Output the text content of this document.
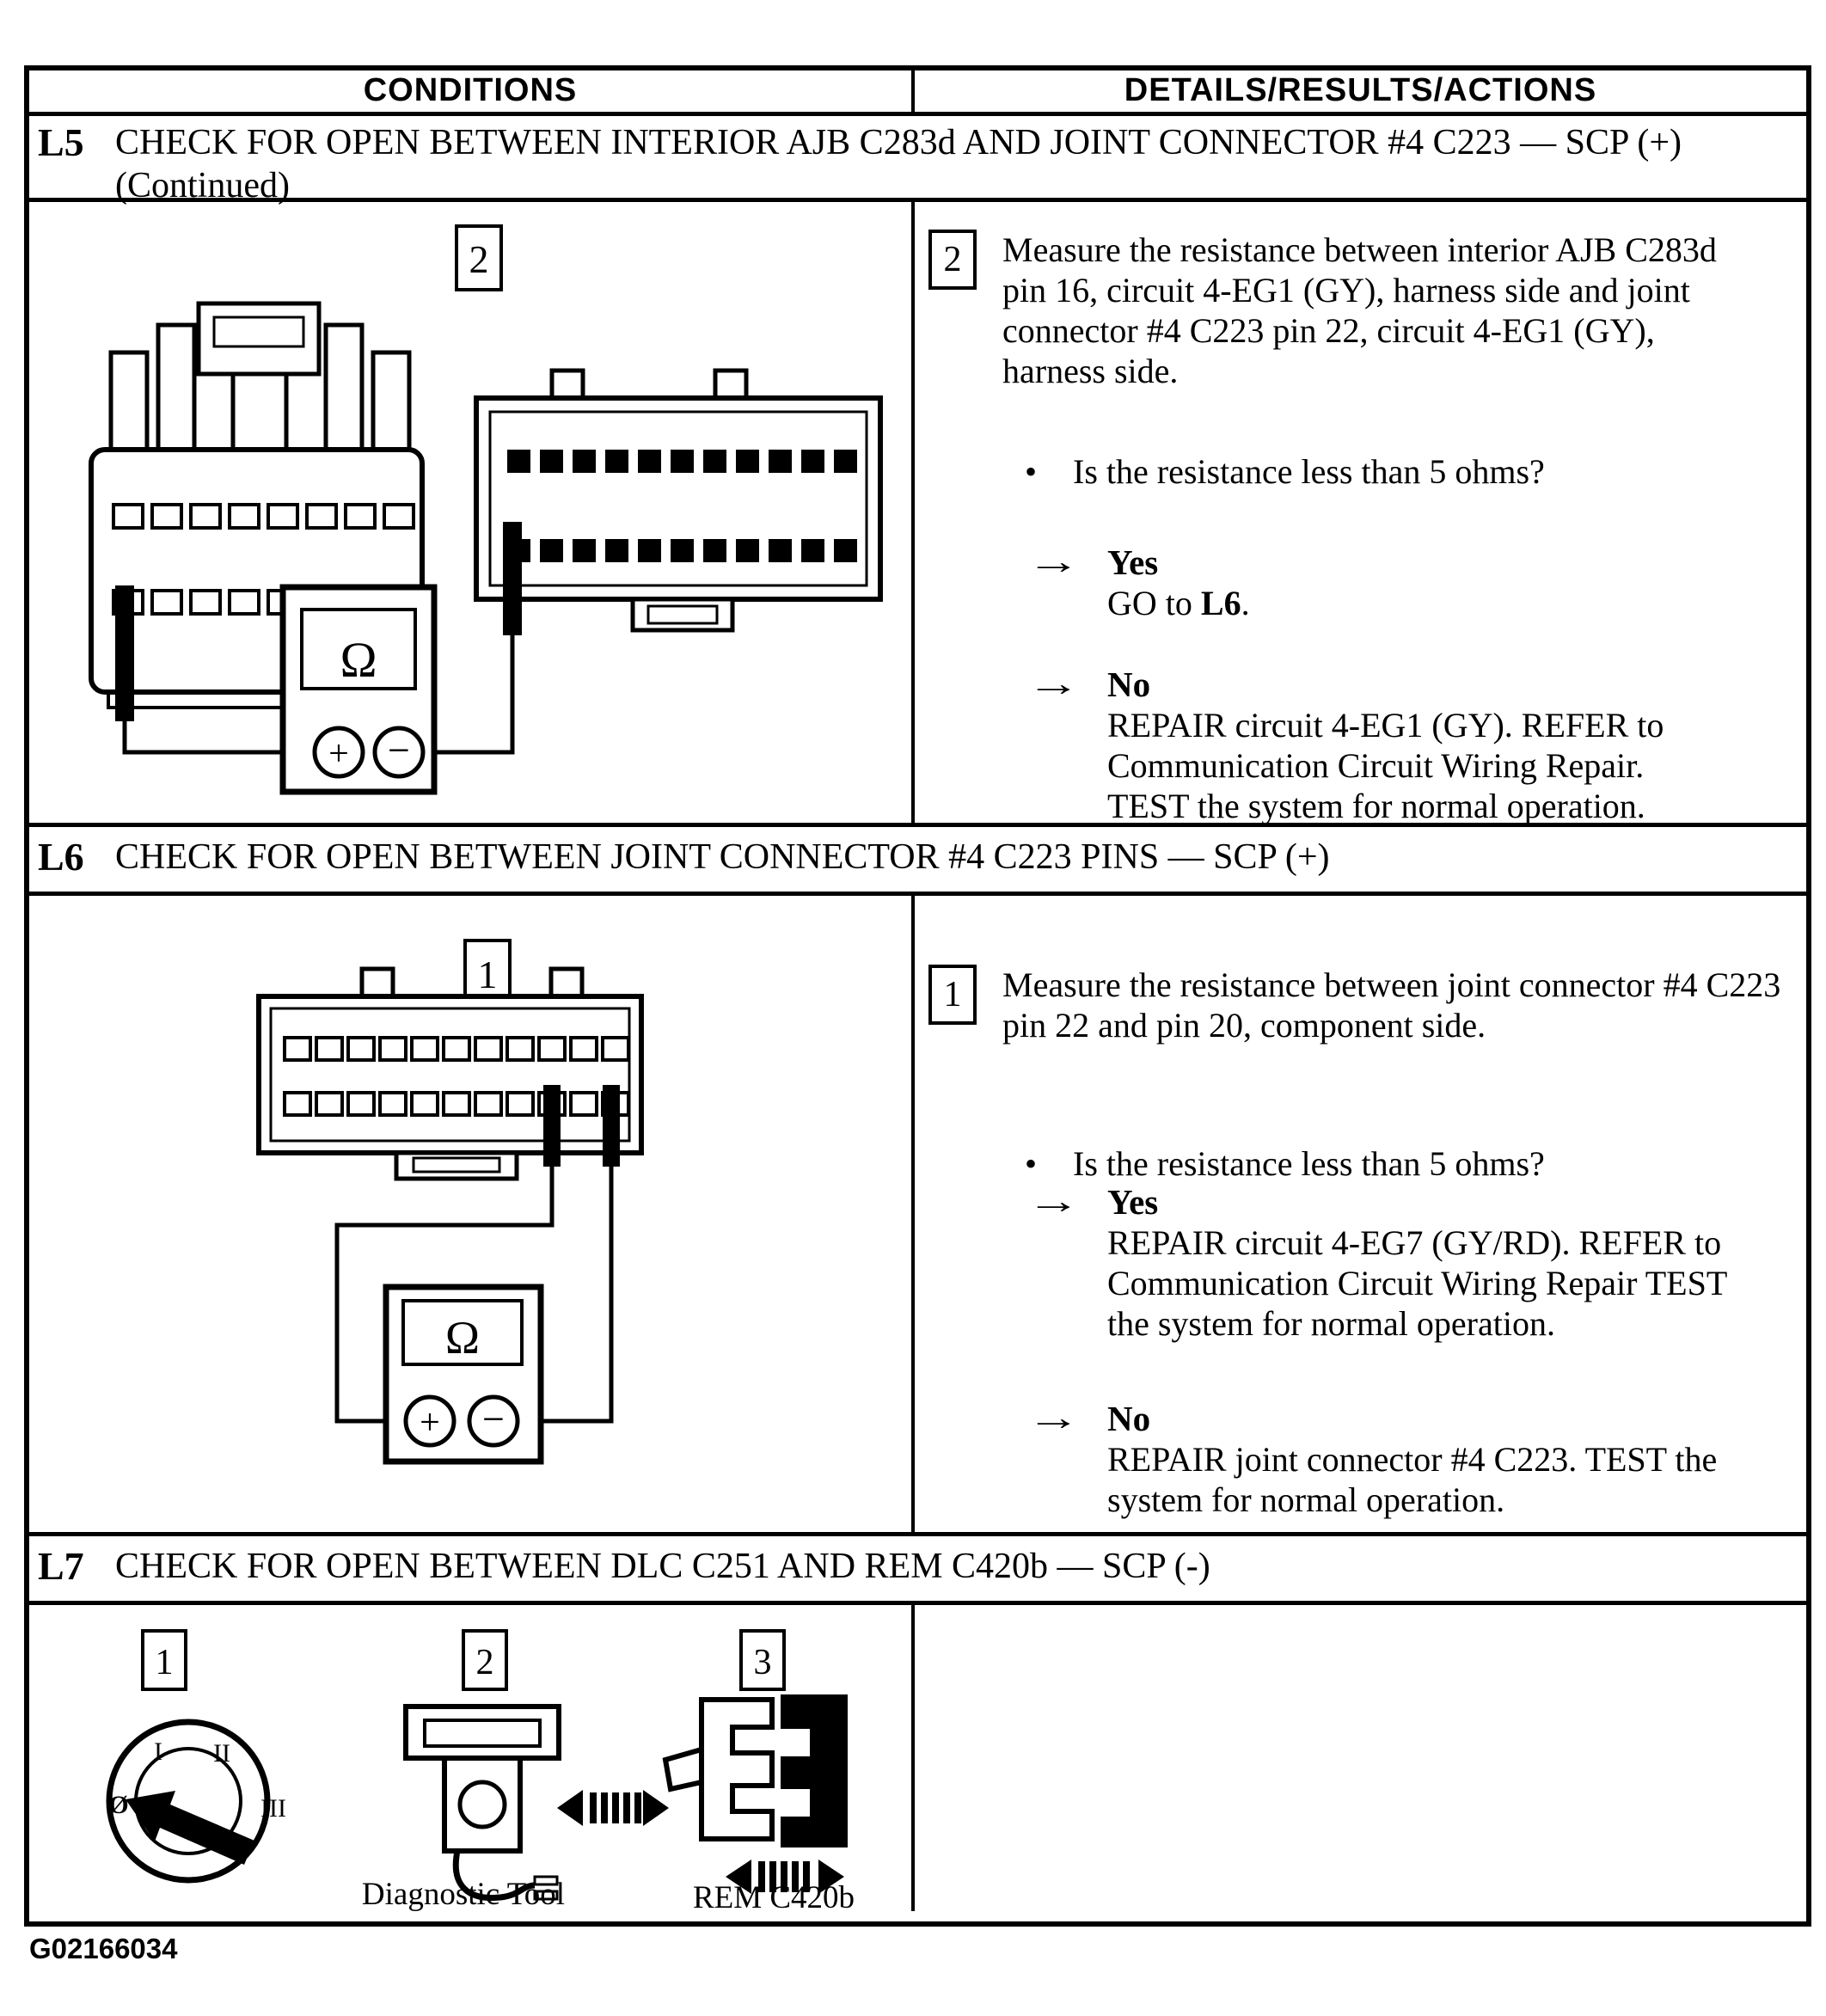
CONDITIONS	DETAILS/RESULTS/ACTIONS
L5 CHECK FOR OPEN BETWEEN INTERIOR AJB C283d AND JOINT CONNECTOR #4 C223 — SCP (+) (Continued)
2
Ω
+ −
2	Measure the resistance between interior AJB C283d pin 16, circuit 4-EG1 (GY), harness side and joint connector #4 C223 pin 22, circuit 4-EG1 (GY), harness side.
• Is the resistance less than 5 ohms?
→ Yes
GO to L6.
→ No
REPAIR circuit 4-EG1 (GY). REFER to Communication Circuit Wiring Repair. TEST the system for normal operation.
L6 CHECK FOR OPEN BETWEEN JOINT CONNECTOR #4 C223 PINS — SCP (+)
1
Ω
+ −
1	Measure the resistance between joint connector #4 C223 pin 22 and pin 20, component side.
• Is the resistance less than 5 ohms?
→ Yes
REPAIR circuit 4-EG7 (GY/RD). REFER to Communication Circuit Wiring Repair TEST the system for normal operation.
→ No
REPAIR joint connector #4 C223. TEST the system for normal operation.
L7 CHECK FOR OPEN BETWEEN DLC C251 AND REM C420b — SCP (-)
1
Ø
I II
III
2
Diagnostic Tool
3
REM C420b
G02166034
